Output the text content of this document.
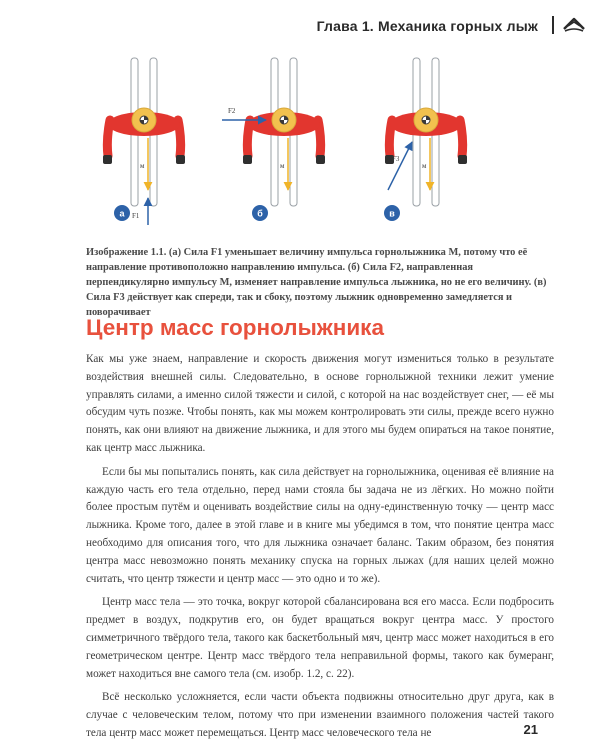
Глава 1. Механика горных лыж
м
F1
а
м
F2
б
м
F3
в
Изображение 1.1. (а) Сила F1 уменьшает величину импульса горнолыжника М, потому что её направление противоположно направлению импульса. (б) Сила F2, направленная перпендикулярно импульсу М, изменяет направление импульса лыжника, но не его величину. (в) Сила F3 действует как спереди, так и сбоку, поэтому лыжник одновременно замедляется и поворачивает
Центр масс горнолыжника

Как мы уже знаем, направление и скорость движения могут измениться только в результате воздействия внешней силы. Следовательно, в основе горнолыжной техники лежит умение управлять силами, а именно силой тяжести и силой, с которой на нас воздействует снег, — её мы обсудим чуть позже. Чтобы понять, как мы можем контролировать эти силы, прежде всего нужно понять, как они влияют на движение лыжника, и для этого мы будем опираться на такое понятие, как центр масс лыжника.

Если бы мы попытались понять, как сила действует на горнолыжника, оценивая её влияние на каждую часть его тела отдельно, перед нами стояла бы задача не из лёгких. Но можно пойти более простым путём и оценивать воздействие силы на одну-единственную точку — центр масс лыжника. Кроме того, далее в этой главе и в книге мы убедимся в том, что понятие центра масс необходимо для описания того, что для лыжника означает баланс. Таким образом, без понятия центра масс невозможно понять механику спуска на горных лыжах (для наших целей можно считать, что центр тяжести и центр масс — это одно и то же).

Центр масс тела — это точка, вокруг которой сбалансирована вся его масса. Если подбросить предмет в воздух, подкрутив его, он будет вращаться вокруг центра масс. У простого симметричного твёрдого тела, такого как баскетбольный мяч, центр масс может находиться в его геометрическом центре. Центр масс твёрдого тела неправильной формы, такого как бумеранг, может находиться вне самого тела (см. изобр. 1.2, с. 22).

Всё несколько усложняется, если части объекта подвижны относительно друг друга, как в случае с человеческим телом, потому что при изменении взаимного положения частей такого тела центр масс может перемещаться. Центр масс человеческого тела не	21
